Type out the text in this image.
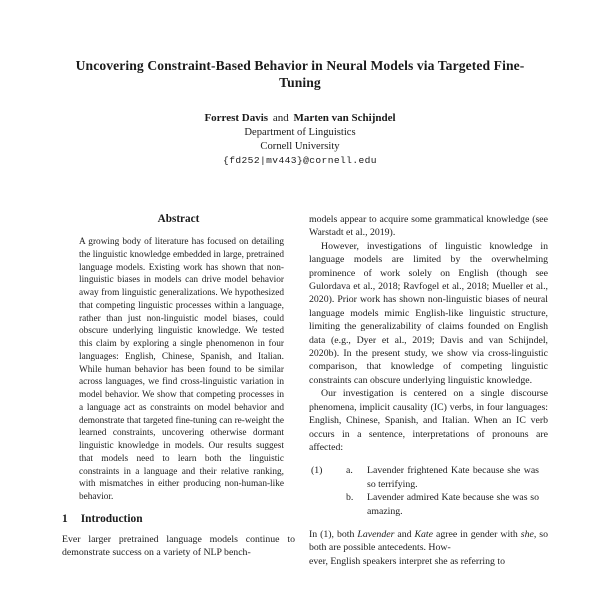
Uncovering Constraint-Based Behavior in Neural Models via Targeted Fine-Tuning
Forrest Davis and Marten van Schijndel
Department of Linguistics
Cornell University
{fd252|mv443}@cornell.edu
Abstract

A growing body of literature has focused on detailing the linguistic knowledge embedded in large, pretrained language models. Existing work has shown that non-linguistic biases in models can drive model behavior away from linguistic generalizations. We hypothesized that competing linguistic processes within a language, rather than just non-linguistic model biases, could obscure underlying linguistic knowledge. We tested this claim by exploring a single phenomenon in four languages: English, Chinese, Spanish, and Italian. While human behavior has been found to be similar across languages, we find cross-linguistic variation in model behavior. We show that competing processes in a language act as constraints on model behavior and demonstrate that targeted fine-tuning can re-weight the learned constraints, uncovering otherwise dormant linguistic knowledge in models. Our results suggest that models need to learn both the linguistic constraints in a language and their relative ranking, with mismatches in either producing non-human-like behavior.

1 Introduction

Ever larger pretrained language models continue to demonstrate success on a variety of NLP bench-

models appear to acquire some grammatical knowledge (see Warstadt et al., 2019).

However, investigations of linguistic knowledge in language models are limited by the overwhelming prominence of work solely on English (though see Gulordava et al., 2018; Ravfogel et al., 2018; Mueller et al., 2020). Prior work has shown non-linguistic biases of neural language models mimic English-like linguistic structure, limiting the generalizability of claims founded on English data (e.g., Dyer et al., 2019; Davis and van Schijndel, 2020b). In the present study, we show via cross-linguistic comparison, that knowledge of competing linguistic constraints can obscure underlying linguistic knowledge.

Our investigation is centered on a single discourse phenomena, implicit causality (IC) verbs, in four languages: English, Chinese, Spanish, and Italian. When an IC verb occurs in a sentence, interpretations of pronouns are affected:

(1)	a.	Lavender frightened Kate because she was so terrifying.
b.	Lavender admired Kate because she was so amazing.

In (1), both Lavender and Kate agree in gender with she, so both are possible antecedents. How-

ever, English speakers interpret she as referring to
